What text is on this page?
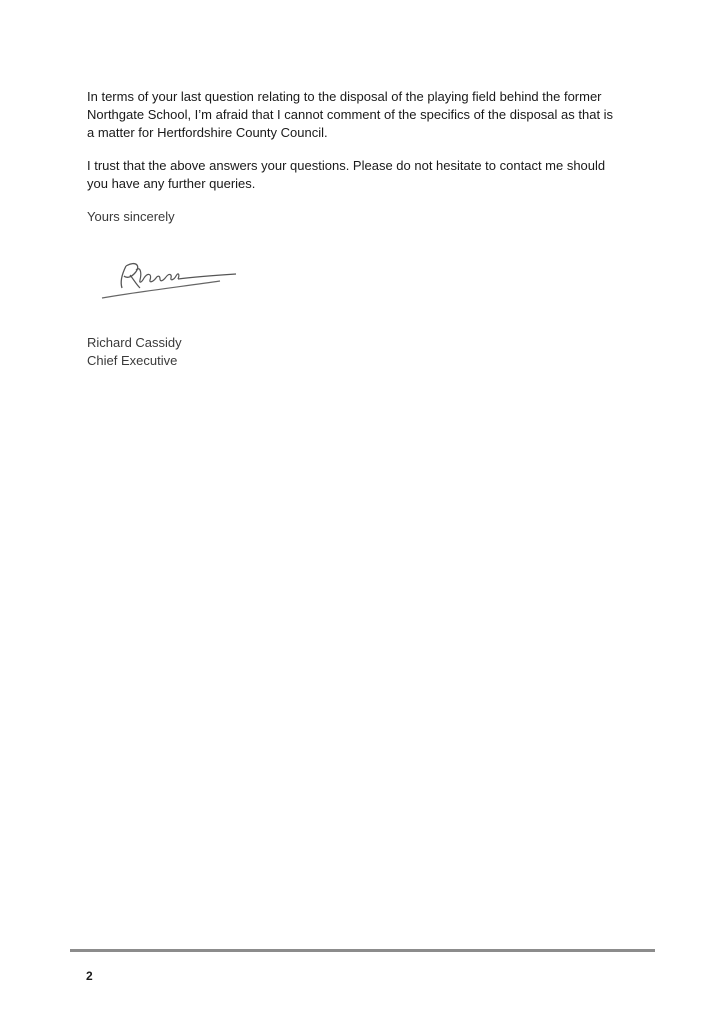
In terms of your last question relating to the disposal of the playing field behind the former
Northgate School, I’m afraid that I cannot comment of the specifics of the disposal as that is
a matter for Hertfordshire County Council.

I trust that the above answers your questions. Please do not hesitate to contact me should
you have any further queries.

Yours sincerely

Richard Cassidy
Chief Executive
2
